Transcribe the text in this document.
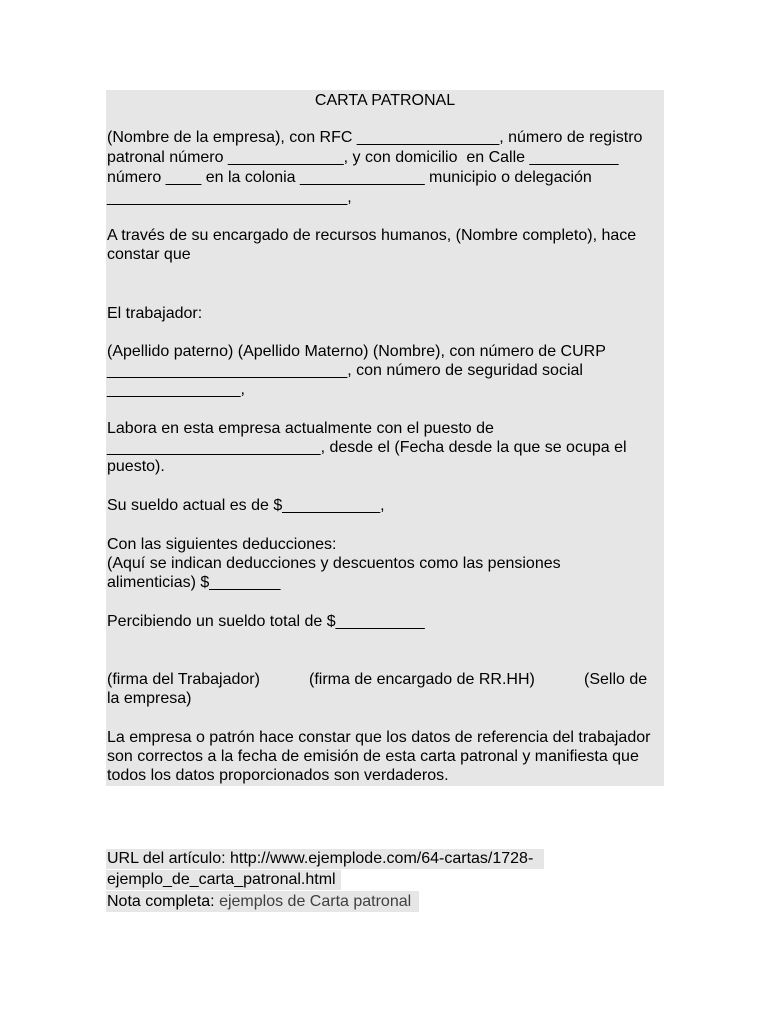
CARTA PATRONAL
(Nombre de la empresa), con RFC ________________, número de registro
patronal número _____________, y con domicilio  en Calle __________
número ____ en la colonia ______________ municipio o delegación
___________________________,
A través de su encargado de recursos humanos, (Nombre completo), hace
constar que
El trabajador:
(Apellido paterno) (Apellido Materno) (Nombre), con número de CURP
___________________________, con número de seguridad social
_______________,
Labora en esta empresa actualmente con el puesto de
________________________, desde el (Fecha desde la que se ocupa el
puesto).
Su sueldo actual es de $___________,
Con las siguientes deducciones:
(Aquí se indican deducciones y descuentos como las pensiones
alimenticias) $________
Percibiendo un sueldo total de $__________
(firma del Trabajador)	(firma de encargado de RR.HH)	(Sello de
la empresa)
La empresa o patrón hace constar que los datos de referencia del trabajador
son correctos a la fecha de emisión de esta carta patronal y manifiesta que
todos los datos proporcionados son verdaderos.
URL del artículo: http://www.ejemplode.com/64-cartas/1728-
ejemplo_de_carta_patronal.html
Nota completa: ejemplos de Carta patronal
